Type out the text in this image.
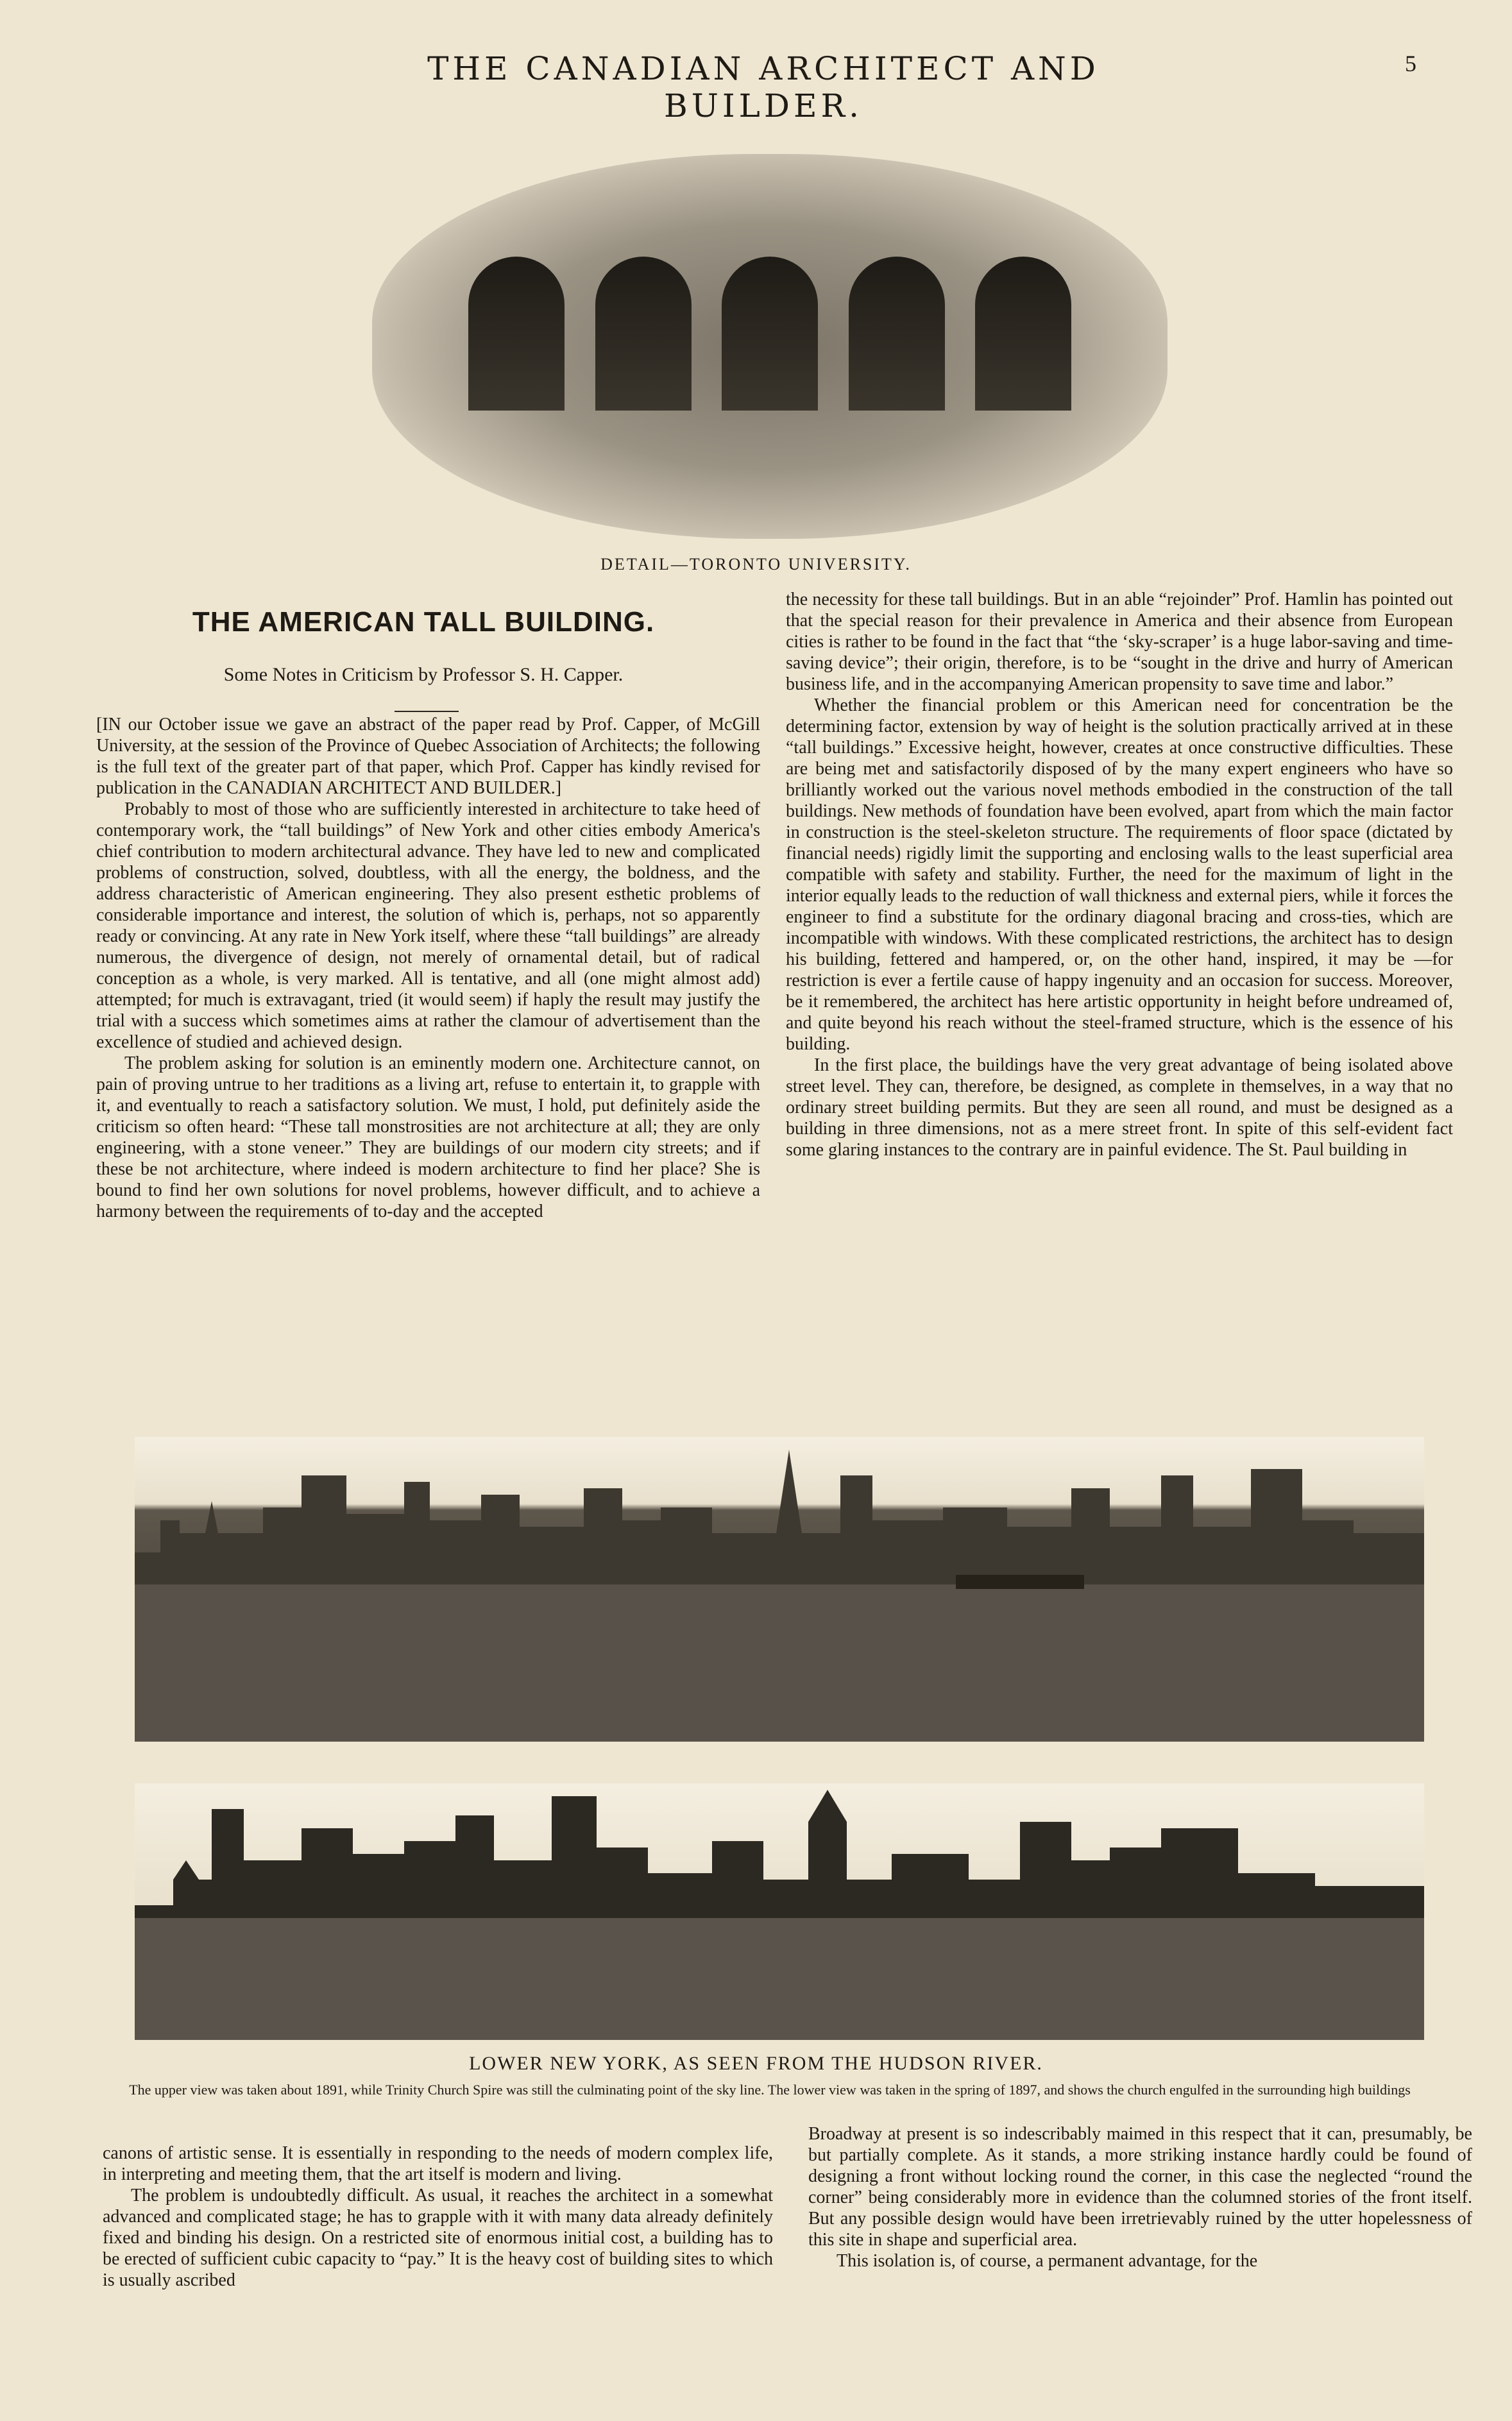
THE CANADIAN ARCHITECT AND BUILDER.
5
DETAIL—TORONTO UNIVERSITY.
THE AMERICAN TALL BUILDING.
Some Notes in Criticism by Professor S. H. Capper.

[IN our October issue we gave an abstract of the paper read by Prof. Capper, of McGill University, at the session of the Province of Quebec Association of Architects; the following is the full text of the greater part of that paper, which Prof. Capper has kindly revised for publication in the CANADIAN ARCHITECT AND BUILDER.]

Probably to most of those who are sufficiently interested in architecture to take heed of contemporary work, the “tall buildings” of New York and other cities embody America's chief contribution to modern architectural advance. They have led to new and complicated problems of construction, solved, doubtless, with all the energy, the boldness, and the address characteristic of American engineering. They also present esthetic problems of considerable importance and interest, the solution of which is, perhaps, not so apparently ready or convincing. At any rate in New York itself, where these “tall buildings” are already numerous, the divergence of design, not merely of ornamental detail, but of radical conception as a whole, is very marked. All is tentative, and all (one might almost add) attempted; for much is extravagant, tried (it would seem) if haply the result may justify the trial with a success which sometimes aims at rather the clamour of advertisement than the excellence of studied and achieved design.

The problem asking for solution is an eminently modern one. Architecture cannot, on pain of proving untrue to her traditions as a living art, refuse to entertain it, to grapple with it, and eventually to reach a satisfactory solution. We must, I hold, put definitely aside the criticism so often heard: “These tall monstrosities are not architecture at all; they are only engineering, with a stone veneer.” They are buildings of our modern city streets; and if these be not architecture, where indeed is modern architecture to find her place? She is bound to find her own solutions for novel problems, however difficult, and to achieve a harmony between the requirements of to-day and the accepted

the necessity for these tall buildings. But in an able “rejoinder” Prof. Hamlin has pointed out that the special reason for their prevalence in America and their absence from European cities is rather to be found in the fact that “the ‘sky-scraper’ is a huge labor-saving and time-saving device”; their origin, therefore, is to be “sought in the drive and hurry of American business life, and in the accompanying American propensity to save time and labor.”

Whether the financial problem or this American need for concentration be the determining factor, extension by way of height is the solution practically arrived at in these “tall buildings.” Excessive height, however, creates at once constructive difficulties. These are being met and satisfactorily disposed of by the many expert engineers who have so brilliantly worked out the various novel methods embodied in the construction of the tall buildings. New methods of foundation have been evolved, apart from which the main factor in construction is the steel-skeleton structure. The requirements of floor space (dictated by financial needs) rigidly limit the supporting and enclosing walls to the least superficial area compatible with safety and stability. Further, the need for the maximum of light in the interior equally leads to the reduction of wall thickness and external piers, while it forces the engineer to find a substitute for the ordinary diagonal bracing and cross-ties, which are incompatible with windows. With these complicated restrictions, the architect has to design his building, fettered and hampered, or, on the other hand, inspired, it may be —for restriction is ever a fertile cause of happy ingenuity and an occasion for success. Moreover, be it remembered, the architect has here artistic opportunity in height before undreamed of, and quite beyond his reach without the steel-framed structure, which is the essence of his building.

In the first place, the buildings have the very great advantage of being isolated above street level. They can, therefore, be designed, as complete in themselves, in a way that no ordinary street building permits. But they are seen all round, and must be designed as a building in three dimensions, not as a mere street front. In spite of this self-evident fact some glaring instances to the contrary are in painful evidence. The St. Paul building in

LOWER NEW YORK, AS SEEN FROM THE HUDSON RIVER.
The upper view was taken about 1891, while Trinity Church Spire was still the culminating point of the sky line. The lower view was taken in the spring of 1897, and shows the church engulfed in the surrounding high buildings

canons of artistic sense. It is essentially in responding to the needs of modern complex life, in interpreting and meeting them, that the art itself is modern and living.

The problem is undoubtedly difficult. As usual, it reaches the architect in a somewhat advanced and complicated stage; he has to grapple with it with many data already definitely fixed and binding his design. On a restricted site of enormous initial cost, a building has to be erected of sufficient cubic capacity to “pay.” It is the heavy cost of building sites to which is usually ascribed

Broadway at present is so indescribably maimed in this respect that it can, presumably, be but partially complete. As it stands, a more striking instance hardly could be found of designing a front without locking round the corner, in this case the neglected “round the corner” being considerably more in evidence than the columned stories of the front itself. But any possible design would have been irretrievably ruined by the utter hopelessness of this site in shape and superficial area.

This isolation is, of course, a permanent advantage, for the
